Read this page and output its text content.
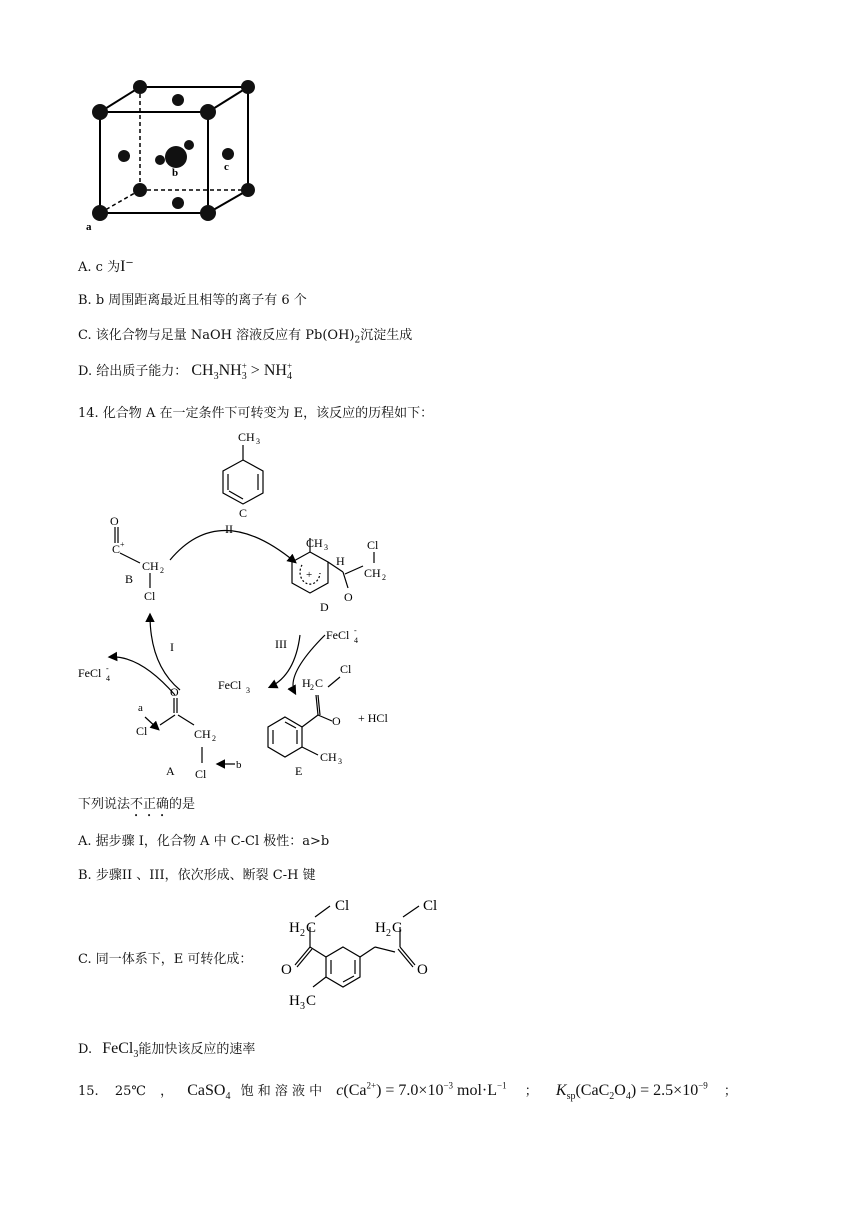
b	c
a
A. c 为I−
B. b 周围距离最近且相等的离子有 6 个
C. 该化合物与足量 NaOH 溶液反应有 $Pb(OH)_2$沉淀生成
D. 给出质子能力： $CH_3NH_3^+ > NH_4^+$
14. 化合物 A 在一定条件下可转变为 E，该反应的历程如下：
CH 3
C
II
O
C +
CH 2
B
Cl
CH 3
H
+
Cl
CH 2
O
D
III
FeCl 4
-
I
FeCl 4
-
FeCl 3
Cl
H 2 C
O + HCl
CH 3
E
O
a
Cl	CH 2
A Cl
b
下列说法不正确的是
A. 据步骤 I，化合物 A 中 C-Cl 极性：a>b
B. 步骤II 、III，依次形成、断裂 C-H 键
C. 同一体系下，E 可转化成：
Cl
H 2 C
O
H 3 C
Cl
H 2 C
O
D. FeCl$_3$能加快该反应的速率
15. 25℃ ， CaSO$_4$ 饱 和 溶 液 中 $c(Ca^{2+}) = 7.0\times 10^{-3}$ $mol\cdot L^{-1}$ ； $K_{sp}(CaC_2O_4) = 2.5\times 10^{-9}$ ；
